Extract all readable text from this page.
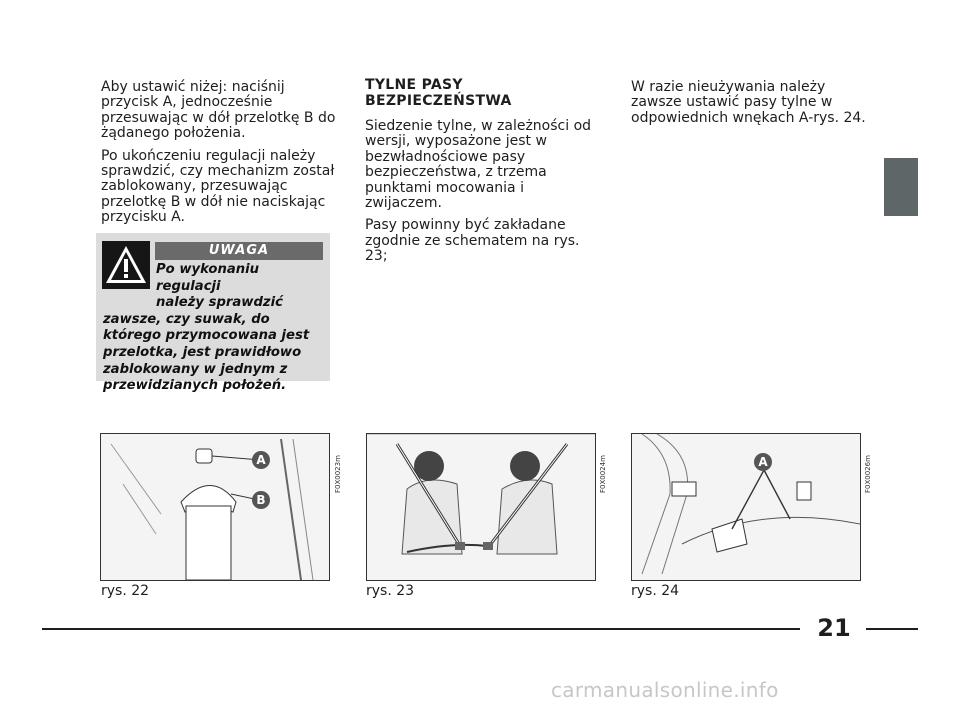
Aby ustawić niżej: naciśnij przycisk A, jednocześnie przesuwając w dół przelotkę B do żądanego położenia.

Po ukończeniu regulacji należy sprawdzić, czy mechanizm został zablokowany, przesuwając przelotkę B w dół nie naciskając przycisku A.

UWAGA
Po wykonaniu regulacji
należy sprawdzić
zawsze, czy suwak, do którego przymocowana jest przelotka, jest prawidłowo zablokowany w jednym z przewidzianych położeń.
TYLNE PASY BEZPIECZEŃSTWA

Siedzenie tylne, w zależności od wersji, wyposażone jest w bezwładnościowe pasy bezpieczeństwa, z trzema punktami mocowania i zwijaczem.

Pasy powinny być zakładane zgodnie ze schematem na rys. 23;

W razie nieużywania należy zawsze ustawić pasy tylne w odpowiednich wnękach A-rys. 24.

A
B
F0X0023m
rys. 22
F0X0024m
rys. 23
A	F0X0026m
rys. 24
21
carmanualsonline.info
